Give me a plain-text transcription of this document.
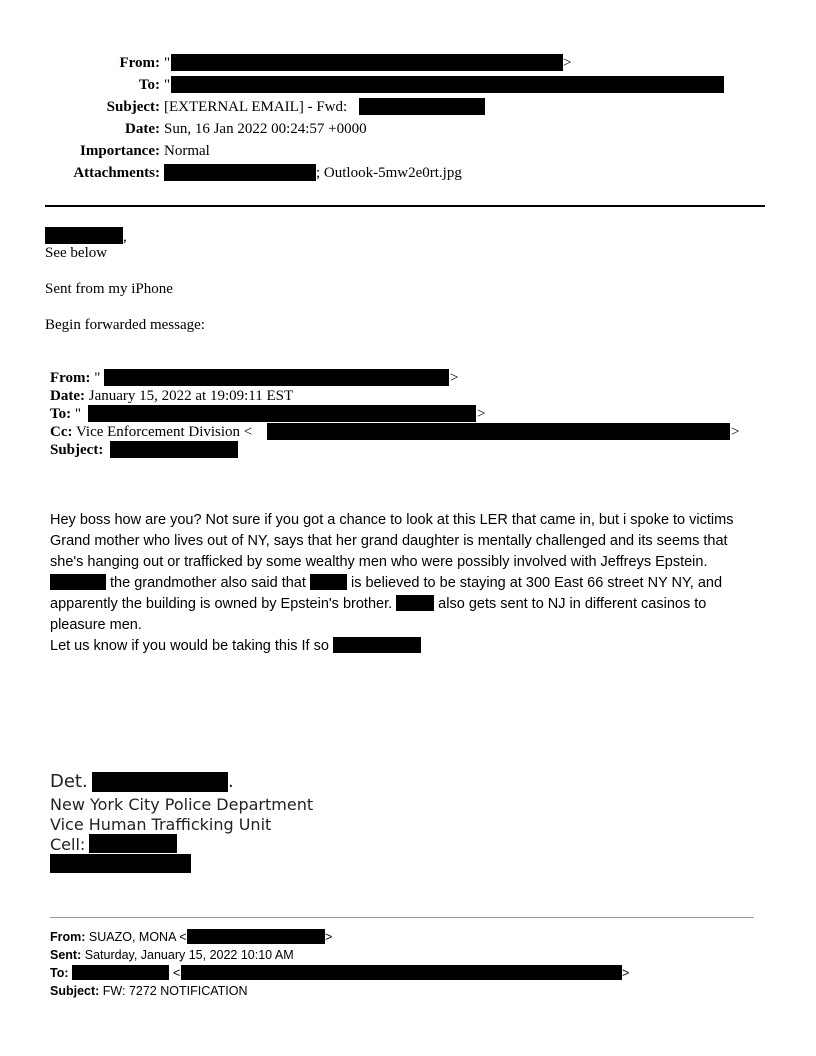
From: "	>
To: "
Subject: [EXTERNAL EMAIL] - Fwd:
Date: Sun, 16 Jan 2022 00:24:57 +0000
Importance: Normal
Attachments:	; Outlook-5mw2e0rt.jpg
,
See below
Sent from my iPhone
Begin forwarded message:
From: "	>
Date: January 15, 2022 at 19:09:11 EST
To: "	>
Cc: Vice Enforcement Division <	>
Subject:
Hey boss how are you? Not sure if you got a chance to look at this LER that came in, but i spoke to victims Grand mother who lives out of NY, says that her grand daughter is mentally challenged and its seems that she's hanging out or trafficked by some wealthy men who were possibly involved with Jeffreys Epstein.
the grandmother also said that	is believed to be staying at 300 East 66 street NY NY, and apparently the building is owned by Epstein's brother.	also gets sent to NJ in different casinos to pleasure men.
Let us know if you would be taking this If so
Det.	.
New York City Police Department
Vice Human Trafficking Unit
Cell:
From: SUAZO, MONA <	>
Sent: Saturday, January 15, 2022 10:10 AM
To:	<	>
Subject: FW: 7272 NOTIFICATION
